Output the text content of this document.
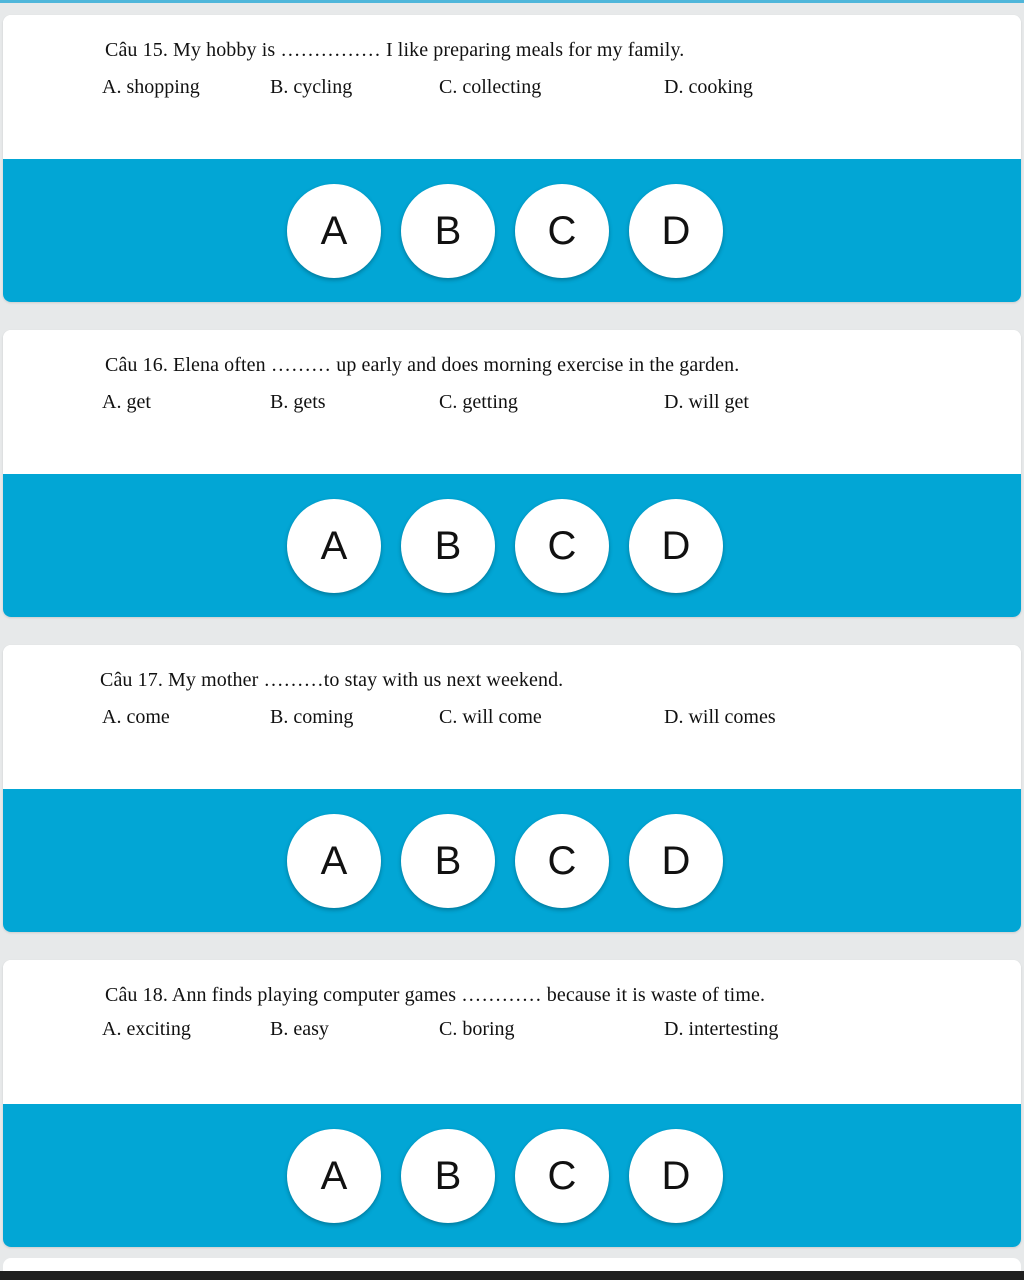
Câu 15. My hobby is …………… I like preparing meals for my family.
A. shopping	B. cycling	C. collecting	D. cooking
A	B	C	D
Câu 16. Elena often ……… up early and does morning exercise in the garden.
A. get	B. gets	C. getting	D. will get
A	B	C	D
Câu 17. My mother ………to stay with us next weekend.
A. come	B. coming	C. will come	D. will comes
A	B	C	D
Câu 18. Ann finds playing computer games ………… because it is waste of time.
A. exciting	B. easy	C. boring	D. intertesting
A	B	C	D
